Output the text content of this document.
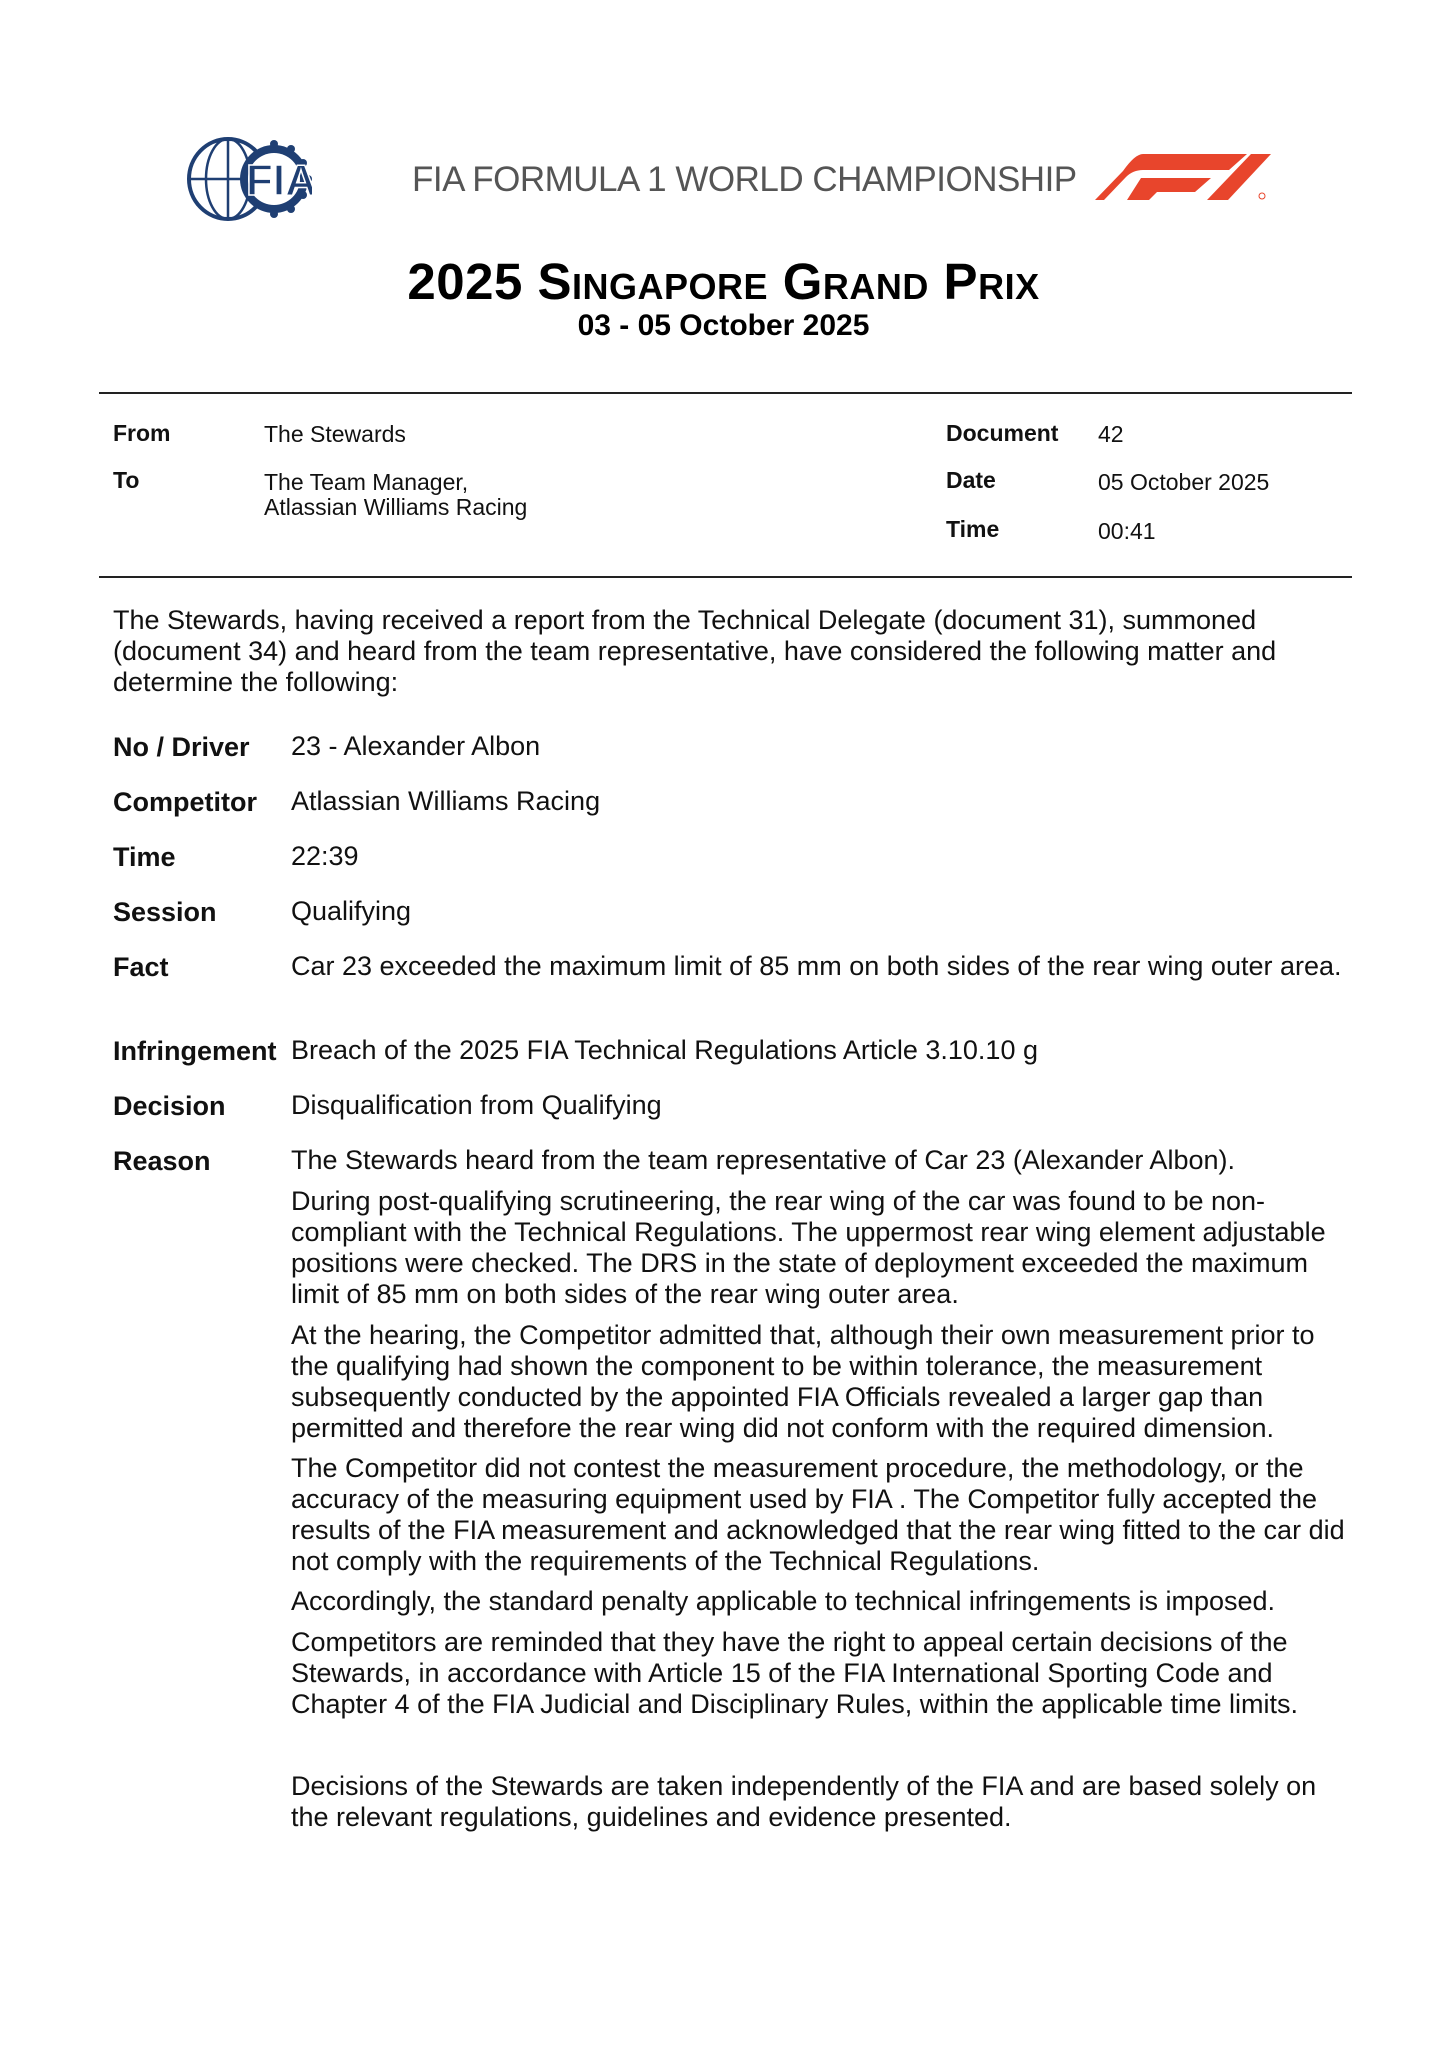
FIA	FIA FORMULA 1 WORLD CHAMPIONSHIP
2025 Singapore Grand Prix
03 - 05 October 2025
From	The Stewards
To	The Team Manager,
Atlassian Williams Racing
Document 42
Date	05 October 2025
Time	00:41
The Stewards, having received a report from the Technical Delegate (document 31), summoned (document 34) and heard from the team representative, have considered the following matter and determine the following:
No / Driver 23 - Alexander Albon
Competitor Atlassian Williams Racing
Time	22:39
Session	Qualifying
Fact	Car 23 exceeded the maximum limit of 85 mm on both sides of the rear wing outer area.
Infringement Breach of the 2025 FIA Technical Regulations Article 3.10.10 g
Decision Disqualification from Qualifying
Reason	The Stewards heard from the team representative of Car 23 (Alexander Albon).
During post-qualifying scrutineering, the rear wing of the car was found to be non-compliant with the Technical Regulations. The uppermost rear wing element adjustable positions were checked. The DRS in the state of deployment exceeded the maximum limit of 85 mm on both sides of the rear wing outer area.
At the hearing, the Competitor admitted that, although their own measurement prior to the qualifying had shown the component to be within tolerance, the measurement subsequently conducted by the appointed FIA Officials revealed a larger gap than permitted and therefore the rear wing did not conform with the required dimension.
The Competitor did not contest the measurement procedure, the methodology, or the accuracy of the measuring equipment used by FIA . The Competitor fully accepted the results of the FIA measurement and acknowledged that the rear wing fitted to the car did not comply with the requirements of the Technical Regulations.
Accordingly, the standard penalty applicable to technical infringements is imposed.
Competitors are reminded that they have the right to appeal certain decisions of the Stewards, in accordance with Article 15 of the FIA International Sporting Code and Chapter 4 of the FIA Judicial and Disciplinary Rules, within the applicable time limits.
Decisions of the Stewards are taken independently of the FIA and are based solely on the relevant regulations, guidelines and evidence presented.
